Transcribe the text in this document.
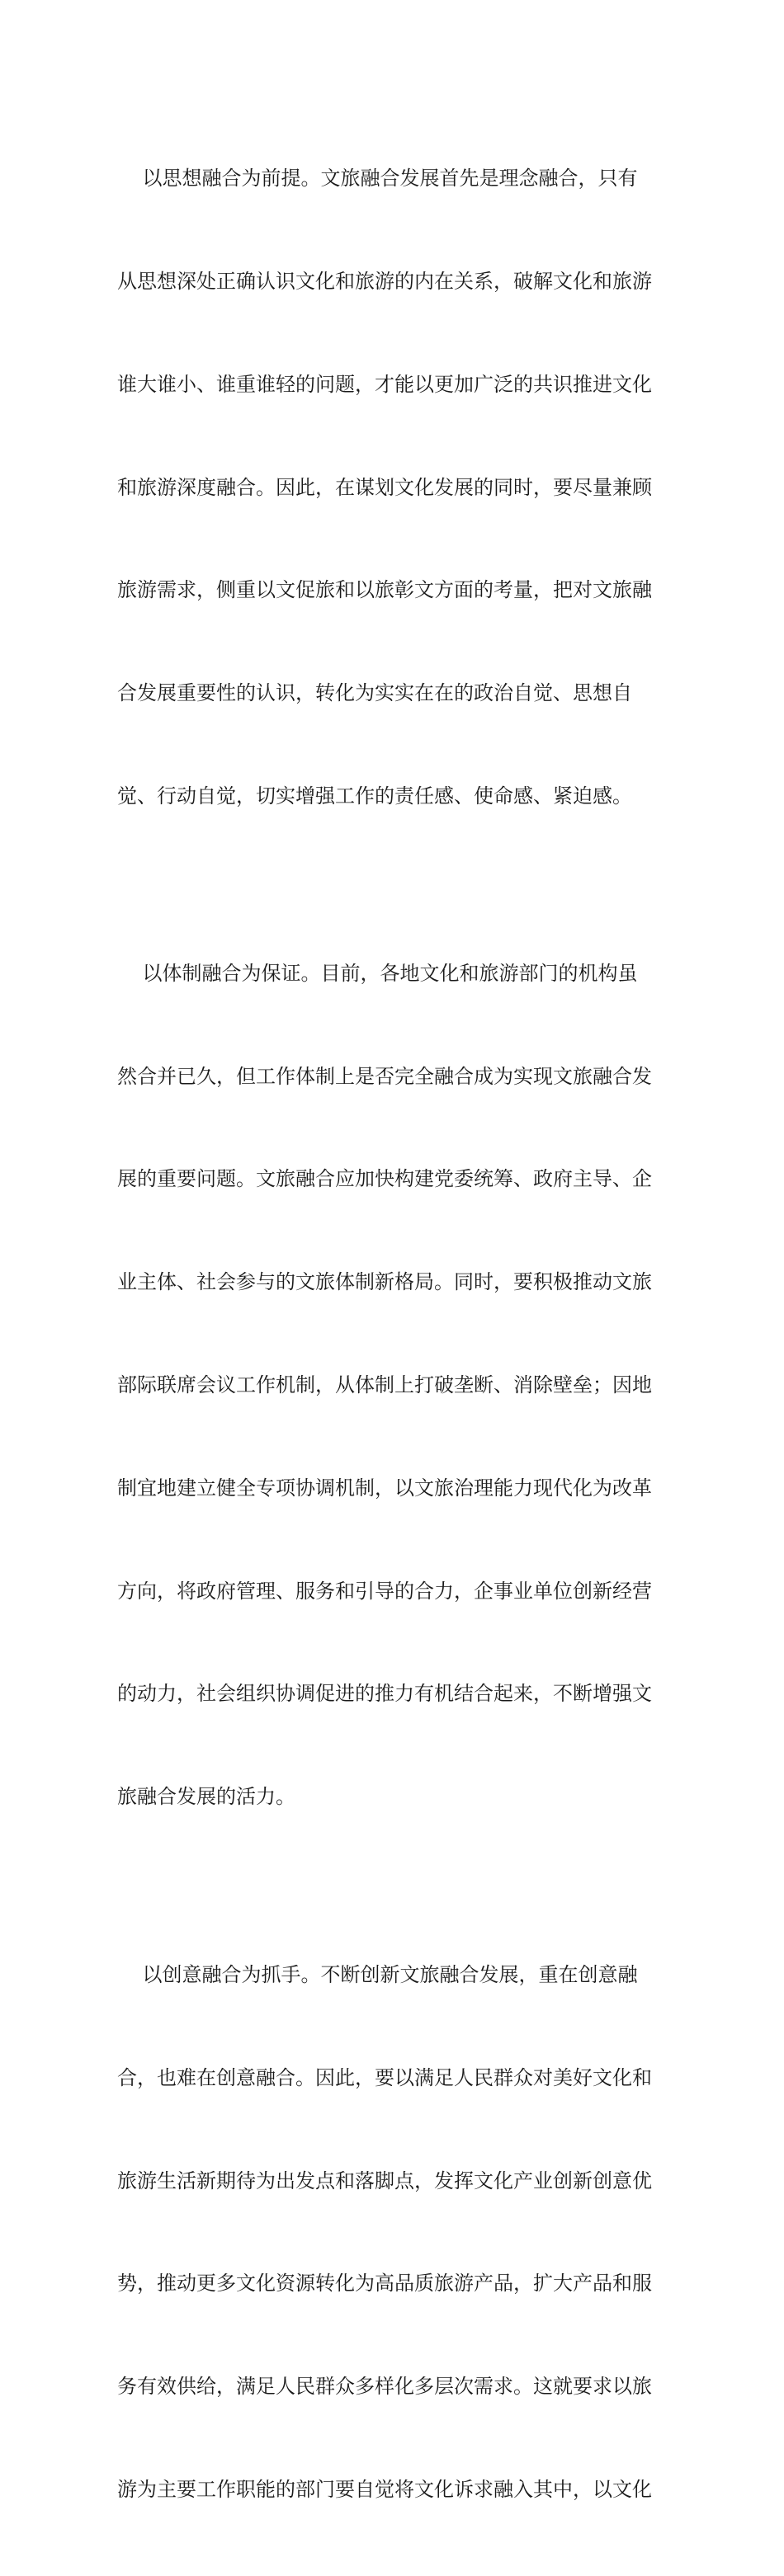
以思想融合为前提。文旅融合发展首先是理念融合，只有

从思想深处正确认识文化和旅游的内在关系，破解文化和旅游

谁大谁小、谁重谁轻的问题，才能以更加广泛的共识推进文化

和旅游深度融合。因此，在谋划文化发展的同时，要尽量兼顾

旅游需求，侧重以文促旅和以旅彰文方面的考量，把对文旅融

合发展重要性的认识，转化为实实在在的政治自觉、思想自

觉、行动自觉，切实增强工作的责任感、使命感、紧迫感。

以体制融合为保证。目前，各地文化和旅游部门的机构虽

然合并已久，但工作体制上是否完全融合成为实现文旅融合发

展的重要问题。文旅融合应加快构建党委统筹、政府主导、企

业主体、社会参与的文旅体制新格局。同时，要积极推动文旅

部际联席会议工作机制，从体制上打破垄断、消除壁垒；因地

制宜地建立健全专项协调机制，以文旅治理能力现代化为改革

方向，将政府管理、服务和引导的合力，企事业单位创新经营

的动力，社会组织协调促进的推力有机结合起来，不断增强文

旅融合发展的活力。

以创意融合为抓手。不断创新文旅融合发展，重在创意融

合，也难在创意融合。因此，要以满足人民群众对美好文化和

旅游生活新期待为出发点和落脚点，发挥文化产业创新创意优

势，推动更多文化资源转化为高品质旅游产品，扩大产品和服

务有效供给，满足人民群众多样化多层次需求。这就要求以旅

游为主要工作职能的部门要自觉将文化诉求融入其中，以文化
